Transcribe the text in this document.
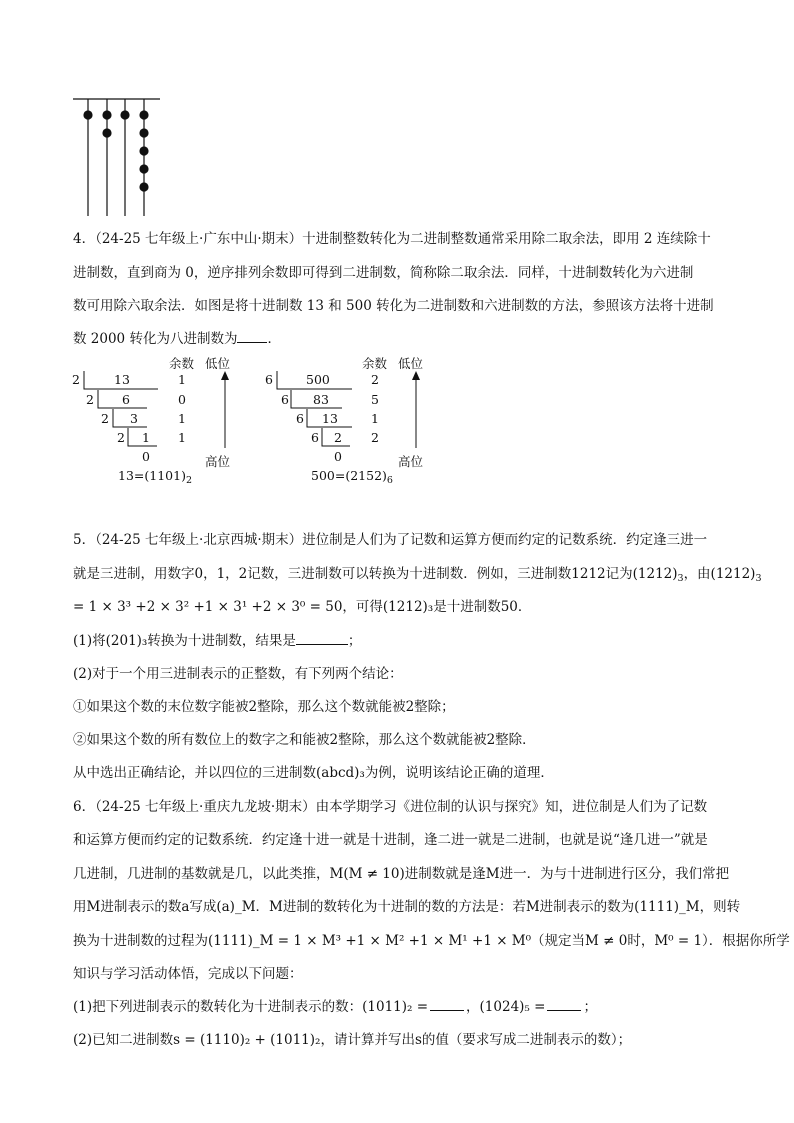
4．（24-25 七年级上·广东中山·期末）十进制整数转化为二进制整数通常采用除二取余法，即用 2 连续除十
进制数，直到商为 0，逆序排列余数即可得到二进制数，简称除二取余法．同样，十进制数转化为六进制
数可用除六取余法．如图是将十进制数 13 和 500 转化为二进制数和六进制数的方法，参照该方法将十进制
数 2000 转化为八进制数为 ．
余数 低位
2	13	1
2 6	0
2 3	1
2 1 1
0	高位
$13=(1101)_2$
余数 低位
6	500	2
6 83	5
6 13	1
6 2 2
0	高位
$500=(2152)_6$
5．（24-25 七年级上·北京西城·期末）进位制是人们为了记数和运算方便而约定的记数系统．约定逢三进一
就是三进制，用数字0，1，2记数，三进制数可以转换为十进制数．例如，三进制数1212记为$(1212)_3$，由$(1212)_3$
= 1 × 3³ +2 × 3² +1 × 3¹ +2 × 3⁰ = 50，可得(1212)₃是十进制数50．
(1)将(201)₃转换为十进制数，结果是	；
(2)对于一个用三进制表示的正整数，有下列两个结论：
①如果这个数的末位数字能被2整除，那么这个数就能被2整除；
②如果这个数的所有数位上的数字之和能被2整除，那么这个数就能被2整除．
从中选出正确结论，并以四位的三进制数(abcd)₃为例，说明该结论正确的道理．
6．（24-25 七年级上·重庆九龙坡·期末）由本学期学习《进位制的认识与探究》知，进位制是人们为了记数
和运算方便而约定的记数系统．约定逢十进一就是十进制，逢二进一就是二进制，也就是说“逢几进一”就是
几进制，几进制的基数就是几，以此类推，M(M ≠ 10)进制数就是逢M进一．为与十进制进行区分，我们常把
用M进制表示的数a写成(a)_M．M进制的数转化为十进制的数的方法是：若M进制表示的数为(1111)_M，则转
换为十进制数的过程为(1111)_M = 1 × M³ +1 × M² +1 × M¹ +1 × M⁰（规定当M ≠ 0时，M⁰ = 1）．根据你所学
知识与学习活动体悟，完成以下问题：
(1)把下列进制表示的数转化为十进制表示的数：(1011)₂ =	，(1024)₅ =	；
(2)已知二进制数s = (1110)₂ + (1011)₂，请计算并写出s的值（要求写成二进制表示的数）；
